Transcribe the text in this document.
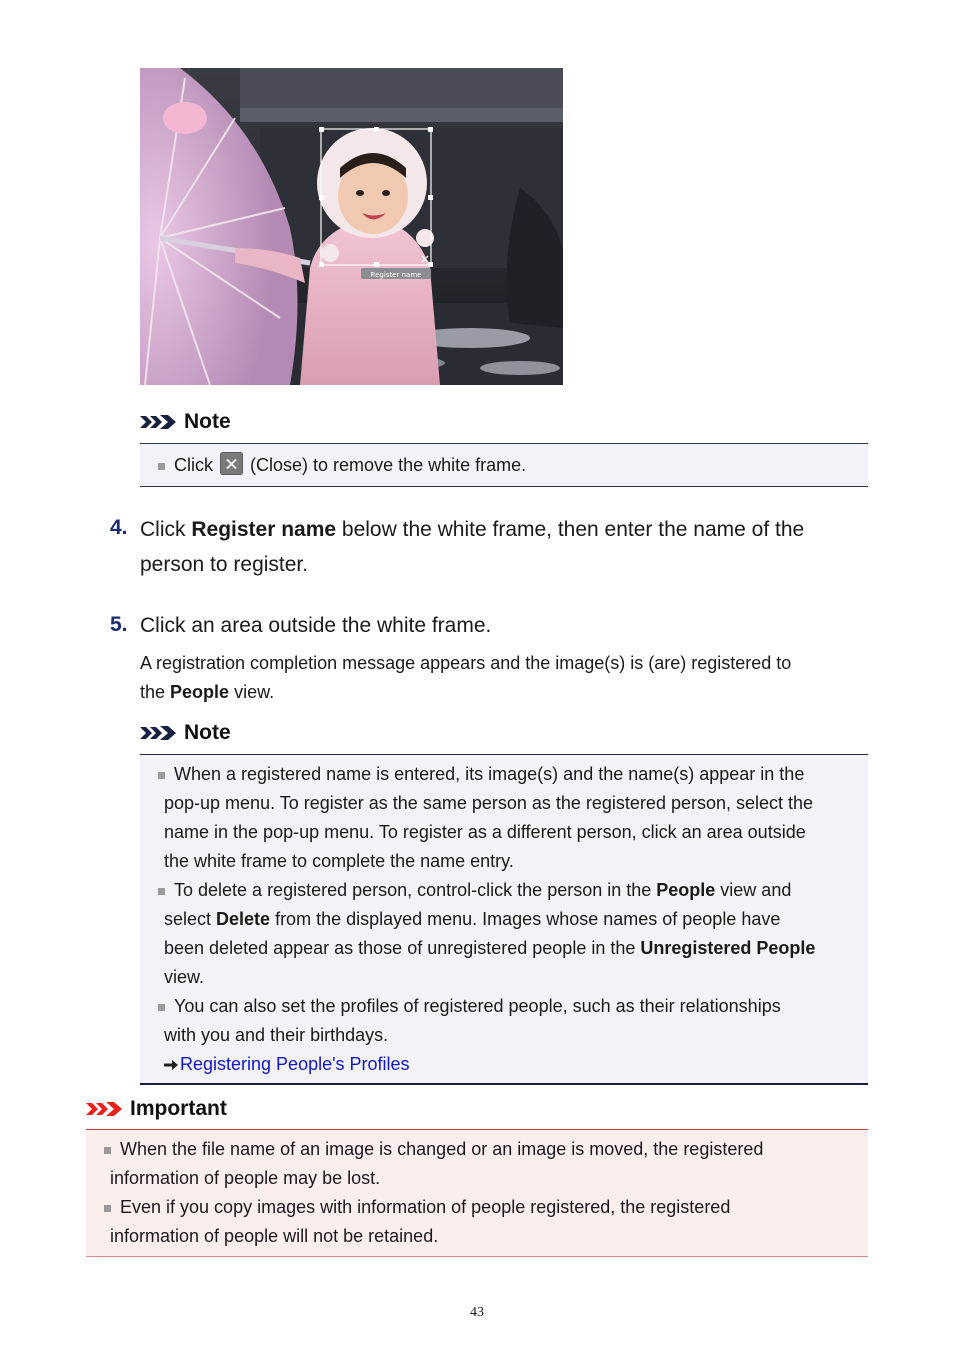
Register name
Note
Click (Close) to remove the white frame.
4. Click Register name below the white frame, then enter the name of the
person to register.
5. Click an area outside the white frame.
A registration completion message appears and the image(s) is (are) registered to
the People view.
Note
When a registered name is entered, its image(s) and the name(s) appear in the
pop-up menu. To register as the same person as the registered person, select the
name in the pop-up menu. To register as a different person, click an area outside
the white frame to complete the name entry.
To delete a registered person, control-click the person in the People view and
select Delete from the displayed menu. Images whose names of people have
been deleted appear as those of unregistered people in the Unregistered People
view.
You can also set the profiles of registered people, such as their relationships
with you and their birthdays.
Registering People's Profiles
Important
When the file name of an image is changed or an image is moved, the registered
information of people may be lost.
Even if you copy images with information of people registered, the registered
information of people will not be retained.
43
